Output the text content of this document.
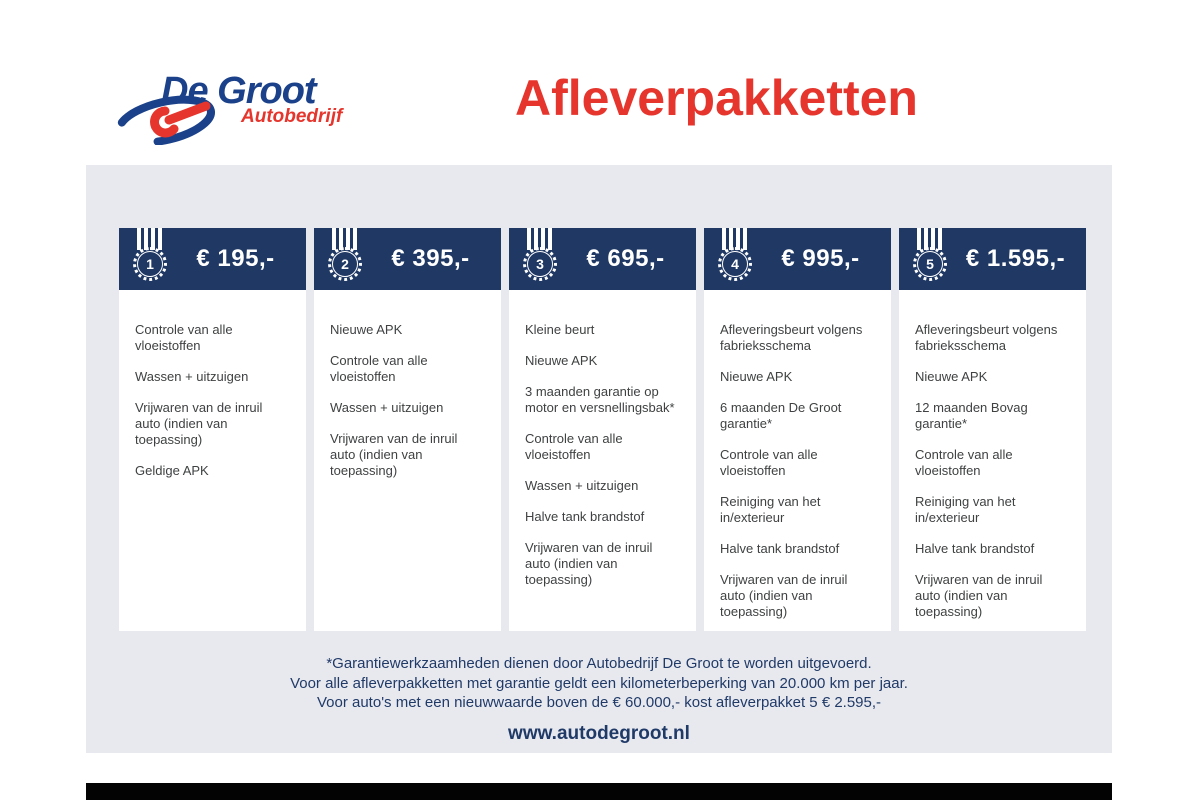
De Groot
Autobedrijf	Afleverpakketten
1	€ 195,-
Controle van alle vloeistoffen
Wassen + uitzuigen
Vrijwaren van de inruil auto (indien van toepassing)
Geldige APK
2	€ 395,-
Nieuwe APK
Controle van alle vloeistoffen
Wassen + uitzuigen
Vrijwaren van de inruil auto (indien van toepassing)
3	€ 695,-
Kleine beurt
Nieuwe APK
3 maanden garantie op motor en versnellingsbak*
Controle van alle vloeistoffen
Wassen + uitzuigen
Halve tank brandstof
Vrijwaren van de inruil auto (indien van toepassing)
4	€ 995,-
Afleveringsbeurt volgens fabrieksschema
Nieuwe APK
6 maanden De Groot garantie*
Controle van alle vloeistoffen
Reiniging van het in/exterieur
Halve tank brandstof
Vrijwaren van de inruil auto (indien van toepassing)
5	€ 1.595,-
Afleveringsbeurt volgens fabrieksschema
Nieuwe APK
12 maanden Bovag garantie*
Controle van alle vloeistoffen
Reiniging van het in/exterieur
Halve tank brandstof
Vrijwaren van de inruil auto (indien van toepassing)
*Garantiewerkzaamheden dienen door Autobedrijf De Groot te worden uitgevoerd.
Voor alle afleverpakketten met garantie geldt een kilometerbeperking van 20.000 km per jaar.
Voor auto's met een nieuwwaarde boven de € 60.000,- kost afleverpakket 5 € 2.595,-
www.autodegroot.nl
